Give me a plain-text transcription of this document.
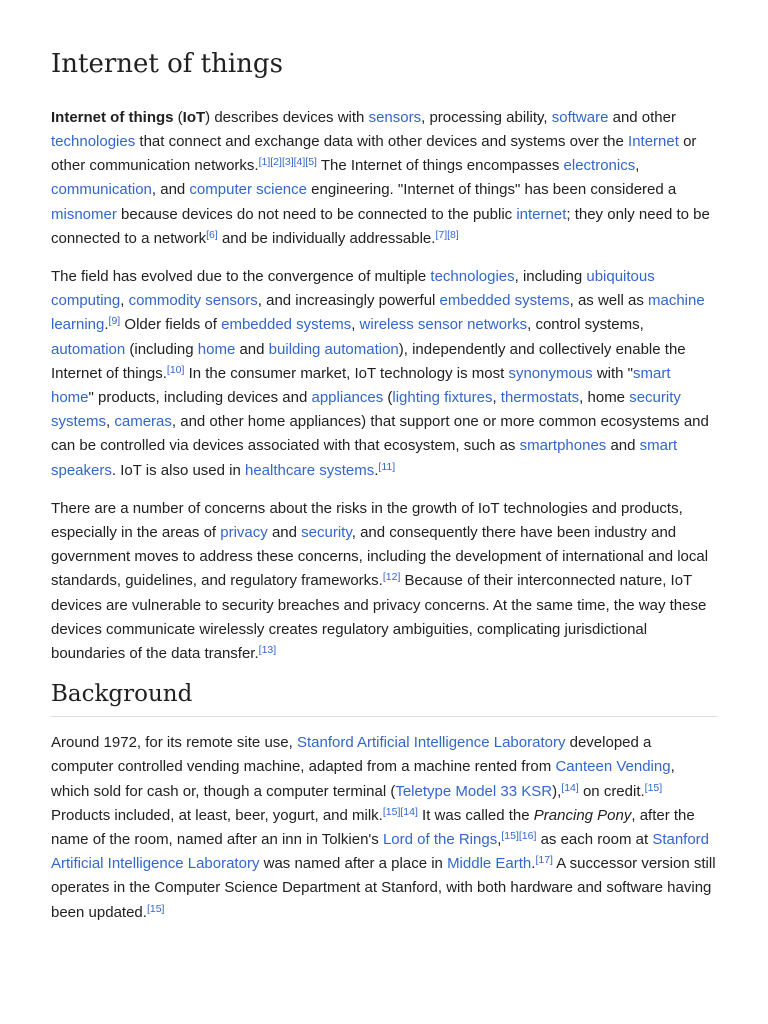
Internet of things

Internet of things (IoT) describes devices with sensors, processing ability, software and other technologies that connect and exchange data with other devices and systems over the Internet or other communication networks.[1][2][3][4][5] The Internet of things encompasses electronics, communication, and computer science engineering. "Internet of things" has been considered a misnomer because devices do not need to be connected to the public internet; they only need to be connected to a network[6] and be individually addressable.[7][8]

The field has evolved due to the convergence of multiple technologies, including ubiquitous computing, commodity sensors, and increasingly powerful embedded systems, as well as machine learning.[9] Older fields of embedded systems, wireless sensor networks, control systems, automation (including home and building automation), independently and collectively enable the Internet of things.[10] In the consumer market, IoT technology is most synonymous with "smart home" products, including devices and appliances (lighting fixtures, thermostats, home security systems, cameras, and other home appliances) that support one or more common ecosystems and can be controlled via devices associated with that ecosystem, such as smartphones and smart speakers. IoT is also used in healthcare systems.[11]

There are a number of concerns about the risks in the growth of IoT technologies and products, especially in the areas of privacy and security, and consequently there have been industry and government moves to address these concerns, including the development of international and local standards, guidelines, and regulatory frameworks.[12] Because of their interconnected nature, IoT devices are vulnerable to security breaches and privacy concerns. At the same time, the way these devices communicate wirelessly creates regulatory ambiguities, complicating jurisdictional boundaries of the data transfer.[13]

Background

Around 1972, for its remote site use, Stanford Artificial Intelligence Laboratory developed a computer controlled vending machine, adapted from a machine rented from Canteen Vending, which sold for cash or, though a computer terminal (Teletype Model 33 KSR),[14] on credit.[15] Products included, at least, beer, yogurt, and milk.[15][14] It was called the Prancing Pony, after the name of the room, named after an inn in Tolkien's Lord of the Rings,[15][16] as each room at Stanford Artificial Intelligence Laboratory was named after a place in Middle Earth.[17] A successor version still operates in the Computer Science Department at Stanford, with both hardware and software having been updated.[15]
